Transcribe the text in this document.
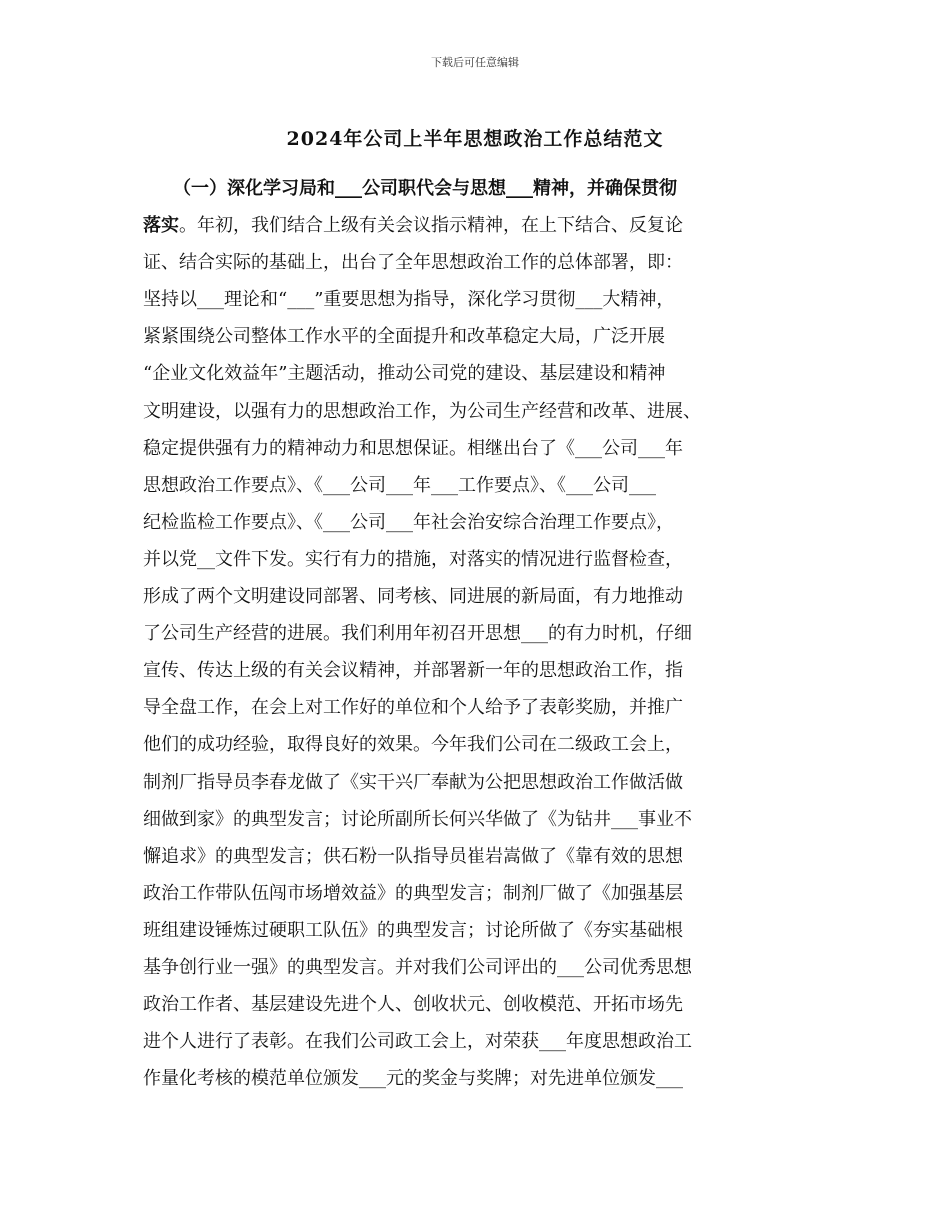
下载后可任意编辑
2024年公司上半年思想政治工作总结范文
（一）深化学习局和___公司职代会与思想___精神，并确保贯彻
落实。年初，我们结合上级有关会议指示精神，在上下结合、反复论
证、结合实际的基础上，出台了全年思想政治工作的总体部署，即：
坚持以___理论和“___”重要思想为指导，深化学习贯彻___大精神，
紧紧围绕公司整体工作水平的全面提升和改革稳定大局，广泛开展
“企业文化效益年”主题活动，推动公司党的建设、基层建设和精神
文明建设，以强有力的思想政治工作，为公司生产经营和改革、进展、
稳定提供强有力的精神动力和思想保证。相继出台了《___公司___年
思想政治工作要点》、《___公司___年___工作要点》、《___公司___
纪检监检工作要点》、《___公司___年社会治安综合治理工作要点》，
并以党__文件下发。实行有力的措施，对落实的情况进行监督检查，
形成了两个文明建设同部署、同考核、同进展的新局面，有力地推动
了公司生产经营的进展。我们利用年初召开思想___的有力时机，仔细
宣传、传达上级的有关会议精神，并部署新一年的思想政治工作，指
导全盘工作，在会上对工作好的单位和个人给予了表彰奖励，并推广
他们的成功经验，取得良好的效果。今年我们公司在二级政工会上，
制剂厂指导员李春龙做了《实干兴厂奉献为公把思想政治工作做活做
细做到家》的典型发言；讨论所副所长何兴华做了《为钻井___事业不
懈追求》的典型发言；供石粉一队指导员崔岩嵩做了《靠有效的思想
政治工作带队伍闯市场增效益》的典型发言；制剂厂做了《加强基层
班组建设锤炼过硬职工队伍》的典型发言；讨论所做了《夯实基础根
基争创行业一强》的典型发言。并对我们公司评出的___公司优秀思想
政治工作者、基层建设先进个人、创收状元、创收模范、开拓市场先
进个人进行了表彰。在我们公司政工会上，对荣获___年度思想政治工
作量化考核的模范单位颁发___元的奖金与奖牌；对先进单位颁发___
